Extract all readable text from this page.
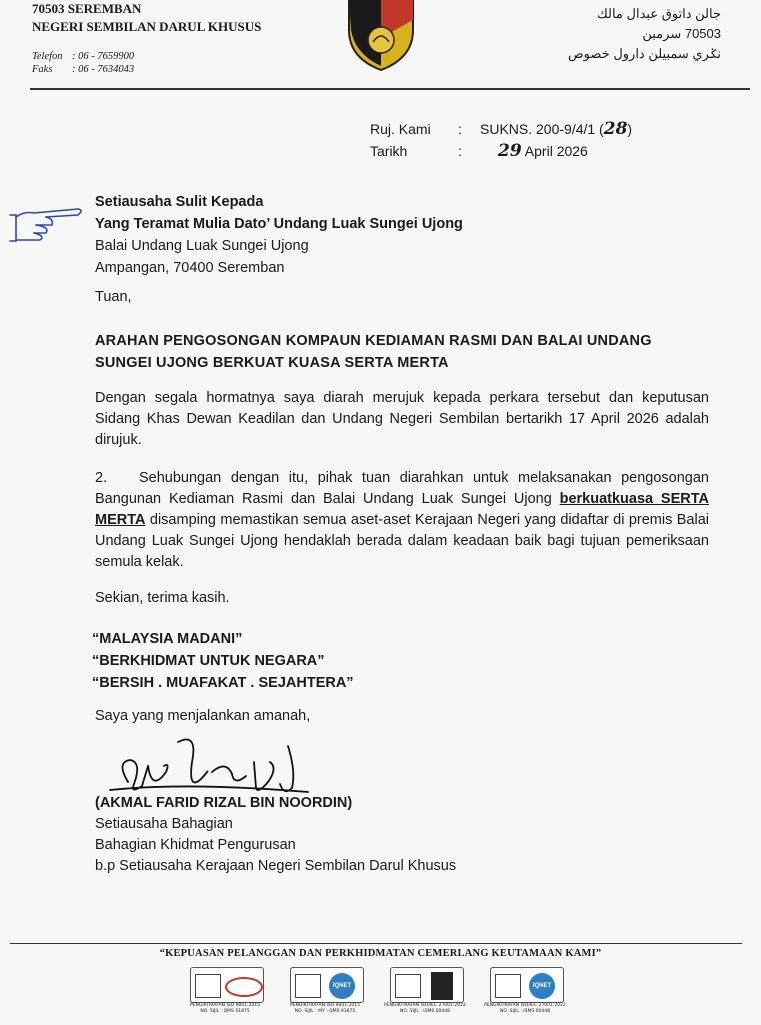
70503 SEREMBAN
NEGERI SEMBILAN DARUL KHUSUS
Telefon : 06 - 7659900
Faks : 06 - 7634043
جالن داتوق عبدال مالك
70503 سرمبن
نݢري سمبيلن دارول خصوص
Ruj. Kami : SUKNS. 200-9/4/1 (28)
Tarikh	: 29 April 2026
Setiausaha Sulit Kepada
Yang Teramat Mulia Dato’ Undang Luak Sungei Ujong
Balai Undang Luak Sungei Ujong
Ampangan, 70400 Seremban
Tuan,
ARAHAN PENGOSONGAN KOMPAUN KEDIAMAN RASMI DAN BALAI UNDANG
SUNGEI UJONG BERKUAT KUASA SERTA MERTA
Dengan segala hormatnya saya diarah merujuk kepada perkara tersebut dan keputusan Sidang Khas Dewan Keadilan dan Undang Negeri Sembilan bertarikh 17 April 2026 adalah dirujuk.
2. Sehubungan dengan itu, pihak tuan diarahkan untuk melaksanakan pengosongan Bangunan Kediaman Rasmi dan Balai Undang Luak Sungei Ujong berkuatkuasa SERTA MERTA disamping memastikan semua aset-aset Kerajaan Negeri yang didaftar di premis Balai Undang Luak Sungei Ujong hendaklah berada dalam keadaan baik bagi tujuan pemeriksaan semula kelak.
Sekian, terima kasih.
“MALAYSIA MADANI”
“BERKHIDMAT UNTUK NEGARA”
“BERSIH . MUAFAKAT . SEJAHTERA”
Saya yang menjalankan amanah,
(AKMAL FARID RIZAL BIN NOORDIN)
Setiausaha Bahagian
Bahagian Khidmat Pengurusan
b.p Setiausaha Kerajaan Negeri Sembilan Darul Khusus
“KEPUASAN PELANGGAN DAN PERKHIDMATAN CEMERLANG KEUTAMAAN KAMI”
PENGIKTIRAFAN ISO 9001:2015
NO. SIJIL : QMS 01875
IQNET
PENGIKTIRAFAN ISO 9001:2015
NO. SIJIL : MY - QMS 01875
PENGIKTIRAFAN ISO/IEC 27001:2022
NO. SIJIL : ISMS 00448
IQNET
PENGIKTIRAFAN ISO/IEC 27001:2022
NO. SIJIL : ISMS 00448
